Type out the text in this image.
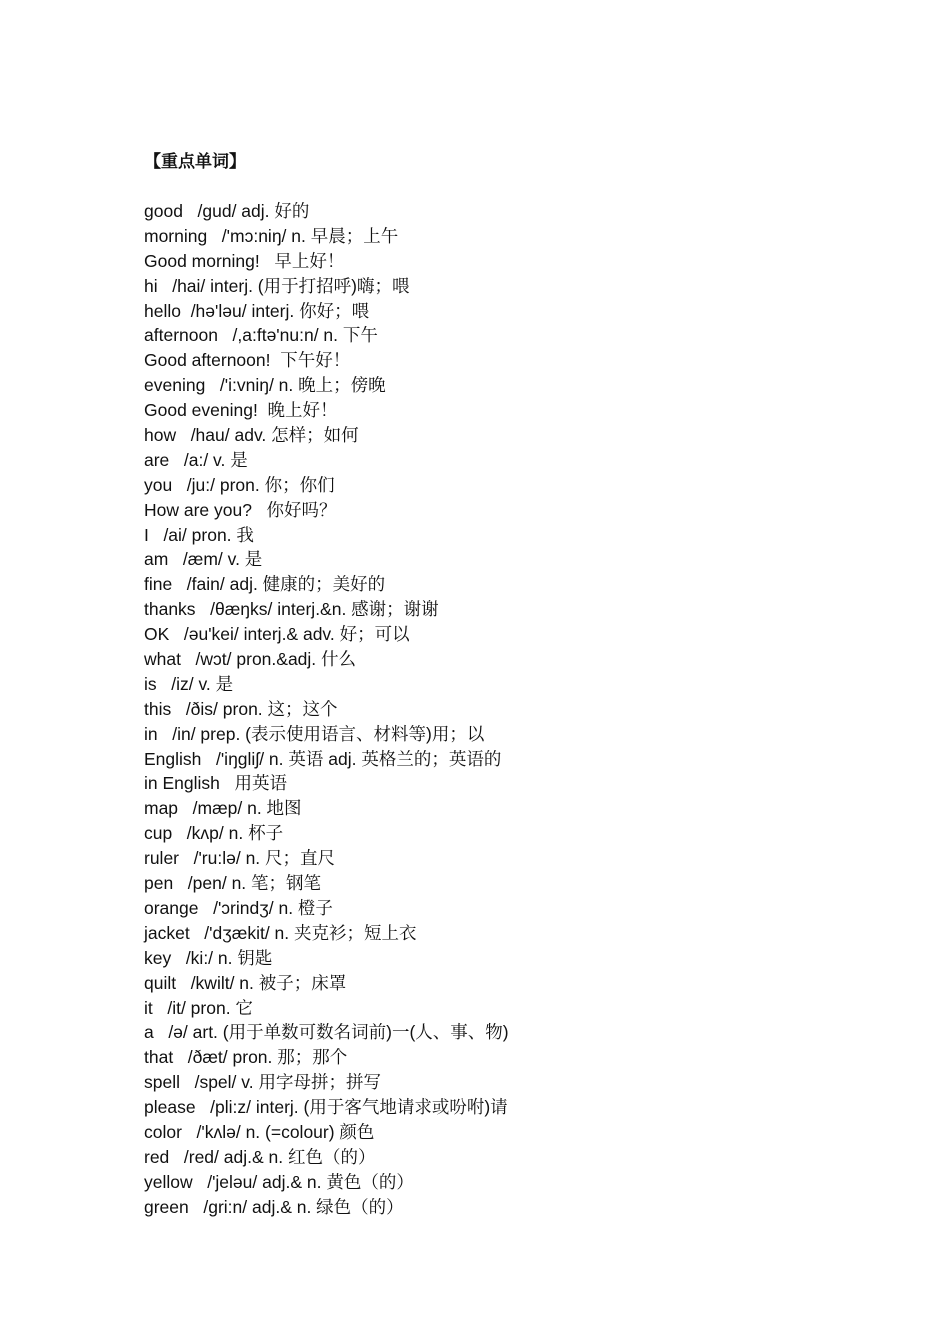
【重点单词】
good   /gud/ adj. 好的
morning   /'mɔ:niŋ/ n. 早晨；上午
Good morning!   早上好！
hi   /hai/ interj. (用于打招呼)嗨；喂
hello  /hə'ləu/ interj. 你好；喂
afternoon   /,a:ftə'nu:n/ n. 下午
Good afternoon!  下午好！
evening   /'i:vniŋ/ n. 晚上；傍晚
Good evening!  晚上好！
how   /hau/ adv. 怎样；如何
are   /a:/ v. 是
you   /ju:/ pron. 你；你们
How are you?   你好吗？
I   /ai/ pron. 我
am   /æm/ v. 是
fine   /fain/ adj. 健康的；美好的
thanks   /θæŋks/ interj.&n. 感谢；谢谢
OK   /əu'kei/ interj.& adv. 好；可以
what   /wɔt/ pron.&adj. 什么
is   /iz/ v. 是
this   /ðis/ pron. 这；这个
in   /in/ prep. (表示使用语言、材料等)用；以
English   /'iŋgliʃ/ n. 英语 adj. 英格兰的；英语的
in English   用英语
map   /mæp/ n. 地图
cup   /kʌp/ n. 杯子
ruler   /'ru:lə/ n. 尺；直尺
pen   /pen/ n. 笔；钢笔
orange   /'ɔrindʒ/ n. 橙子
jacket   /'dʒækit/ n. 夹克衫；短上衣
key   /ki:/ n. 钥匙
quilt   /kwilt/ n. 被子；床罩
it   /it/ pron. 它
a   /ə/ art. (用于单数可数名词前)一(人、事、物)
that   /ðæt/ pron. 那；那个
spell   /spel/ v. 用字母拼；拼写
please   /pli:z/ interj. (用于客气地请求或吩咐)请
color   /'kʌlə/ n. (=colour) 颜色
red   /red/ adj.& n. 红色（的）
yellow   /'jeləu/ adj.& n. 黄色（的）
green   /gri:n/ adj.& n. 绿色（的）
